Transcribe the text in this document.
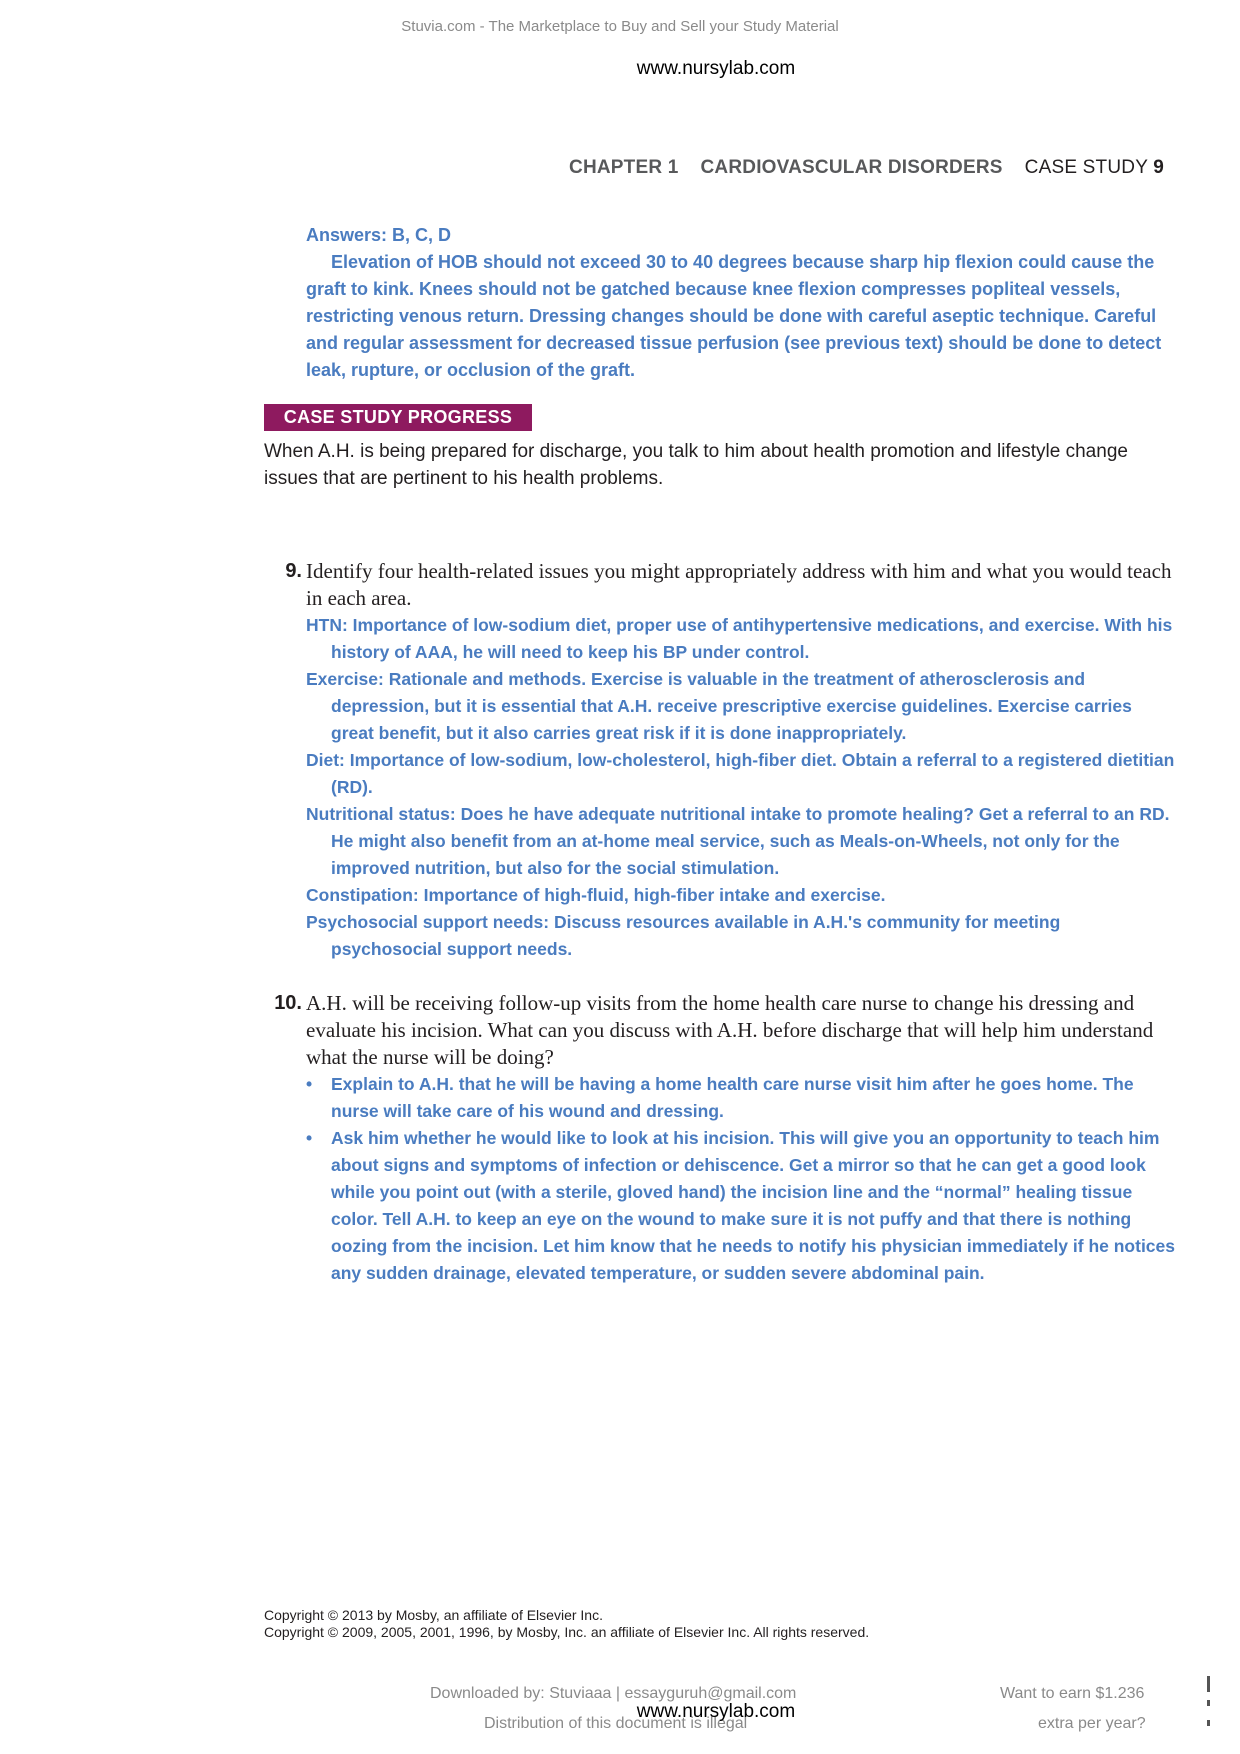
Stuvia.com - The Marketplace to Buy and Sell your Study Material
www.nursylab.com
CHAPTER 1 CARDIOVASCULAR DISORDERS CASE STUDY 9

Answers: B, C, D

Elevation of HOB should not exceed 30 to 40 degrees because sharp hip flexion could cause the graft to kink. Knees should not be gatched because knee flexion compresses popliteal vessels, restricting venous return. Dressing changes should be done with careful aseptic technique. Careful and regular assessment for decreased tissue perfusion (see previous text) should be done to detect leak, rupture, or occlusion of the graft.

CASE STUDY PROGRESS
When A.H. is being prepared for discharge, you talk to him about health promotion and lifestyle change issues that are pertinent to his health problems.
9. Identify four health-related issues you might appropriately address with him and what you would teach in each area.

HTN: Importance of low-sodium diet, proper use of antihypertensive medications, and exercise. With his history of AAA, he will need to keep his BP under control.

Exercise: Rationale and methods. Exercise is valuable in the treatment of atherosclerosis and depression, but it is essential that A.H. receive prescriptive exercise guidelines. Exercise carries great benefit, but it also carries great risk if it is done inappropriately.

Diet: Importance of low-sodium, low-cholesterol, high-fiber diet. Obtain a referral to a registered dietitian (RD).

Nutritional status: Does he have adequate nutritional intake to promote healing? Get a referral to an RD. He might also benefit from an at-home meal service, such as Meals-on-Wheels, not only for the improved nutrition, but also for the social stimulation.

Constipation: Importance of high-fluid, high-fiber intake and exercise.

Psychosocial support needs: Discuss resources available in A.H.'s community for meeting psychosocial support needs.

10. A.H. will be receiving follow-up visits from the home health care nurse to change his dressing and evaluate his incision. What can you discuss with A.H. before discharge that will help him understand what the nurse will be doing?

•	Explain to A.H. that he will be having a home health care nurse visit him after he goes home. The nurse will take care of his wound and dressing.

•	Ask him whether he would like to look at his incision. This will give you an opportunity to teach him about signs and symptoms of infection or dehiscence. Get a mirror so that he can get a good look while you point out (with a sterile, gloved hand) the incision line and the “normal” healing tissue color. Tell A.H. to keep an eye on the wound to make sure it is not puffy and that there is nothing oozing from the incision. Let him know that he needs to notify his physician immediately if he notices any sudden drainage, elevated temperature, or sudden severe abdominal pain.

Copyright © 2013 by Mosby, an affiliate of Elsevier Inc.
Copyright © 2009, 2005, 2001, 1996, by Mosby, Inc. an affiliate of Elsevier Inc. All rights reserved.
Downloaded by: Stuviaaa | essayguruh@gmail.com
Distribution of this document is illegal
www.nursylab.com
Want to earn $1.236
extra per year?
